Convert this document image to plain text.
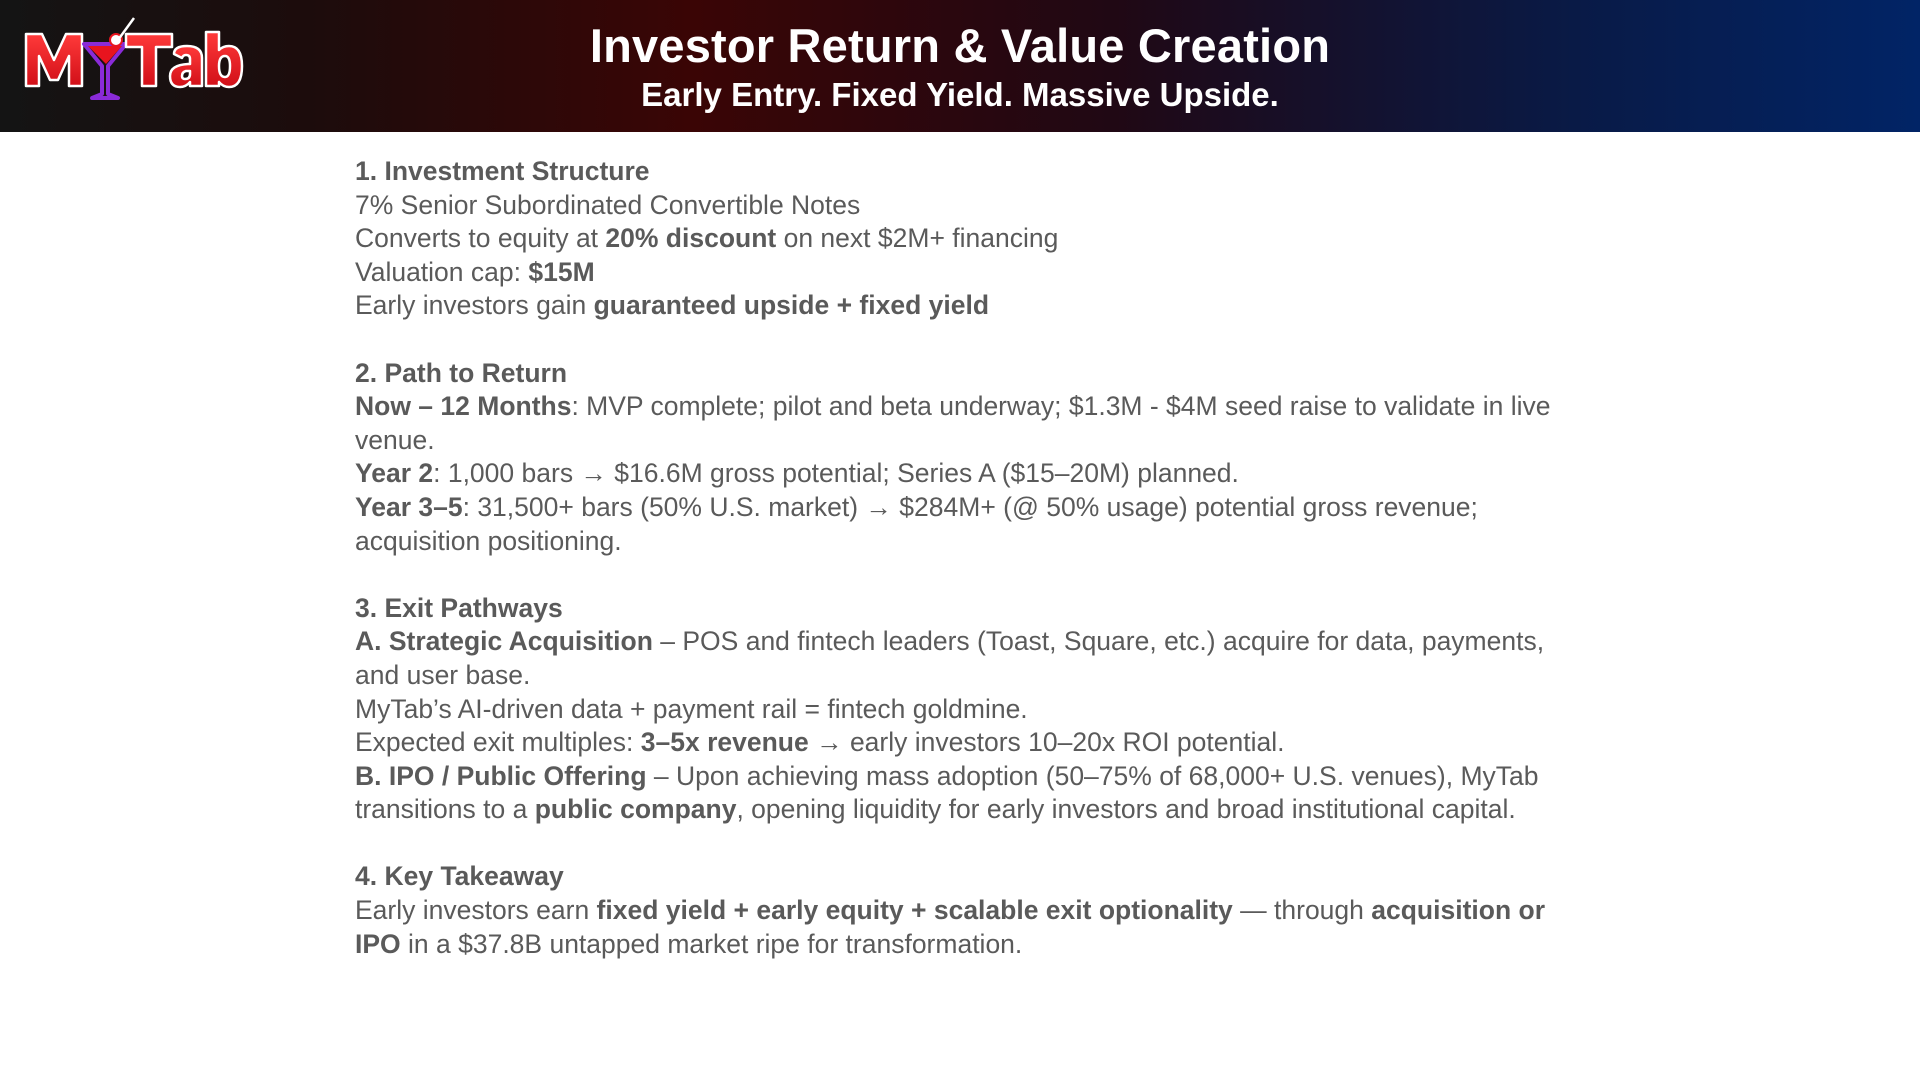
Investor Return & Value Creation
Early Entry. Fixed Yield. Massive Upside.

1. Investment Structure

7% Senior Subordinated Convertible Notes

Converts to equity at 20% discount on next $2M+ financing

Valuation cap: $15M

Early investors gain guaranteed upside + fixed yield

2. Path to Return

Now – 12 Months: MVP complete; pilot and beta underway; $1.3M - $4M seed raise to validate in live venue.

Year 2: 1,000 bars → $16.6M gross potential; Series A ($15–20M) planned.

Year 3–5: 31,500+ bars (50% U.S. market) → $284M+ (@ 50% usage) potential gross revenue; acquisition positioning.

3. Exit Pathways

A. Strategic Acquisition – POS and fintech leaders (Toast, Square, etc.) acquire for data, payments, and user base.

MyTab’s AI-driven data + payment rail = fintech goldmine.

Expected exit multiples: 3–5x revenue → early investors 10–20x ROI potential.

B. IPO / Public Offering – Upon achieving mass adoption (50–75% of 68,000+ U.S. venues), MyTab transitions to a public company, opening liquidity for early investors and broad institutional capital.

4. Key Takeaway

Early investors earn fixed yield + early equity + scalable exit optionality — through acquisition or IPO in a $37.8B untapped market ripe for transformation.
